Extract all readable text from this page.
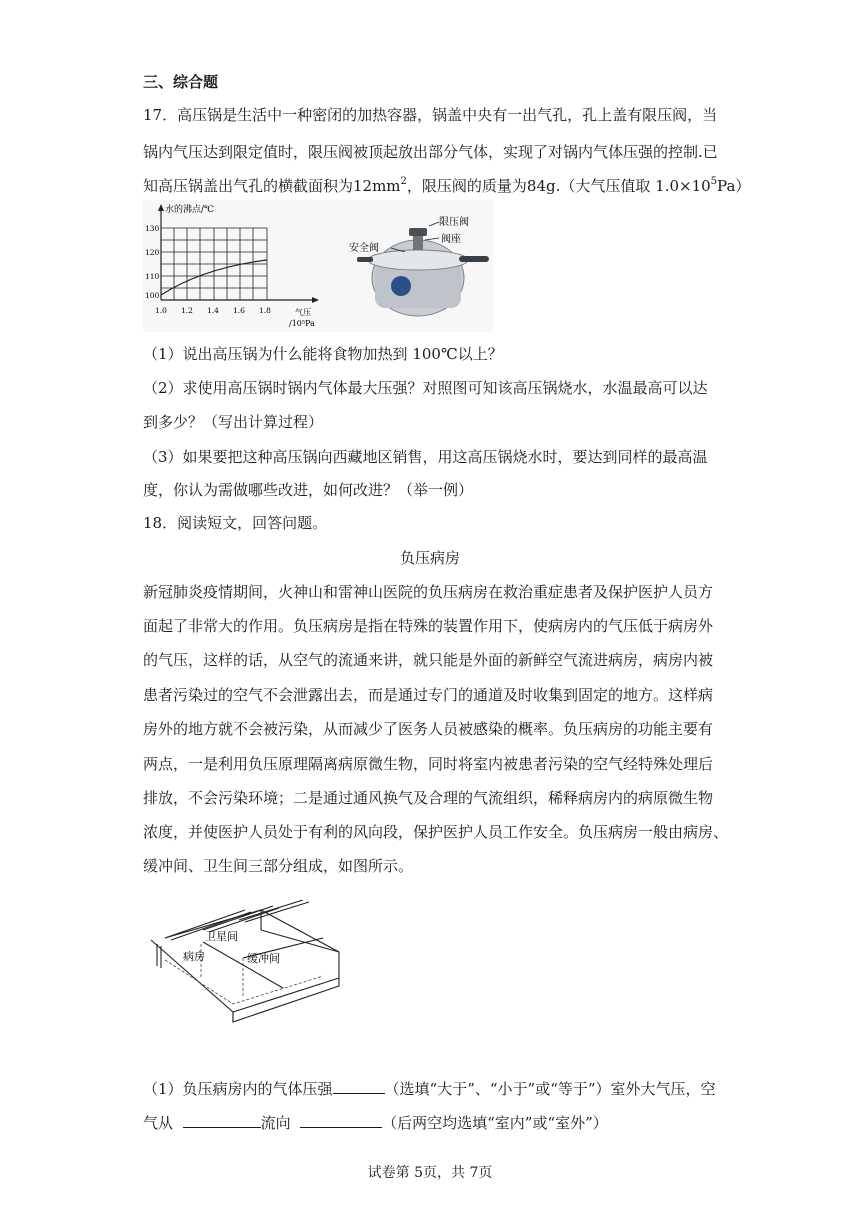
三、综合题
17．高压锅是生活中一种密闭的加热容器，锅盖中央有一出气孔，孔上盖有限压阀，当
锅内气压达到限定值时，限压阀被顶起放出部分气体，实现了对锅内气体压强的控制.已
知高压锅盖出气孔的横截面积为$12mm^2$，限压阀的质量为84g.（大气压值取 $1.0\times 10^5Pa$）
水的沸点/℃
130
120
110
100
1.0 1.2 1.4 1.6 1.8	气压
/10⁵Pa
限压阀
阀座
安全阀
（1）说出高压锅为什么能将食物加热到 100℃以上？
（2）求使用高压锅时锅内气体最大压强？对照图可知该高压锅烧水，水温最高可以达
到多少？（写出计算过程）
（3）如果要把这种高压锅向西藏地区销售，用这高压锅烧水时，要达到同样的最高温
度，你认为需做哪些改进，如何改进？（举一例）
18．阅读短文，回答问题。
负压病房
新冠肺炎疫情期间，火神山和雷神山医院的负压病房在救治重症患者及保护医护人员方
面起了非常大的作用。负压病房是指在特殊的装置作用下，使病房内的气压低于病房外
的气压，这样的话，从空气的流通来讲，就只能是外面的新鲜空气流进病房，病房内被
患者污染过的空气不会泄露出去，而是通过专门的通道及时收集到固定的地方。这样病
房外的地方就不会被污染，从而减少了医务人员被感染的概率。负压病房的功能主要有
两点，一是利用负压原理隔离病原微生物，同时将室内被患者污染的空气经特殊处理后
排放，不会污染环境；二是通过通风换气及合理的气流组织，稀释病房内的病原微生物
浓度，并使医护人员处于有利的风向段，保护医护人员工作安全。负压病房一般由病房、
缓冲间、卫生间三部分组成，如图所示。
卫星间
病房	缓冲间
（1）负压病房内的气体压强	（选填“大于”、“小于”或“等于”）室外大气压，空
气从	流向	（后两空均选填“室内”或“室外”）
试卷第 5页，共 7页
